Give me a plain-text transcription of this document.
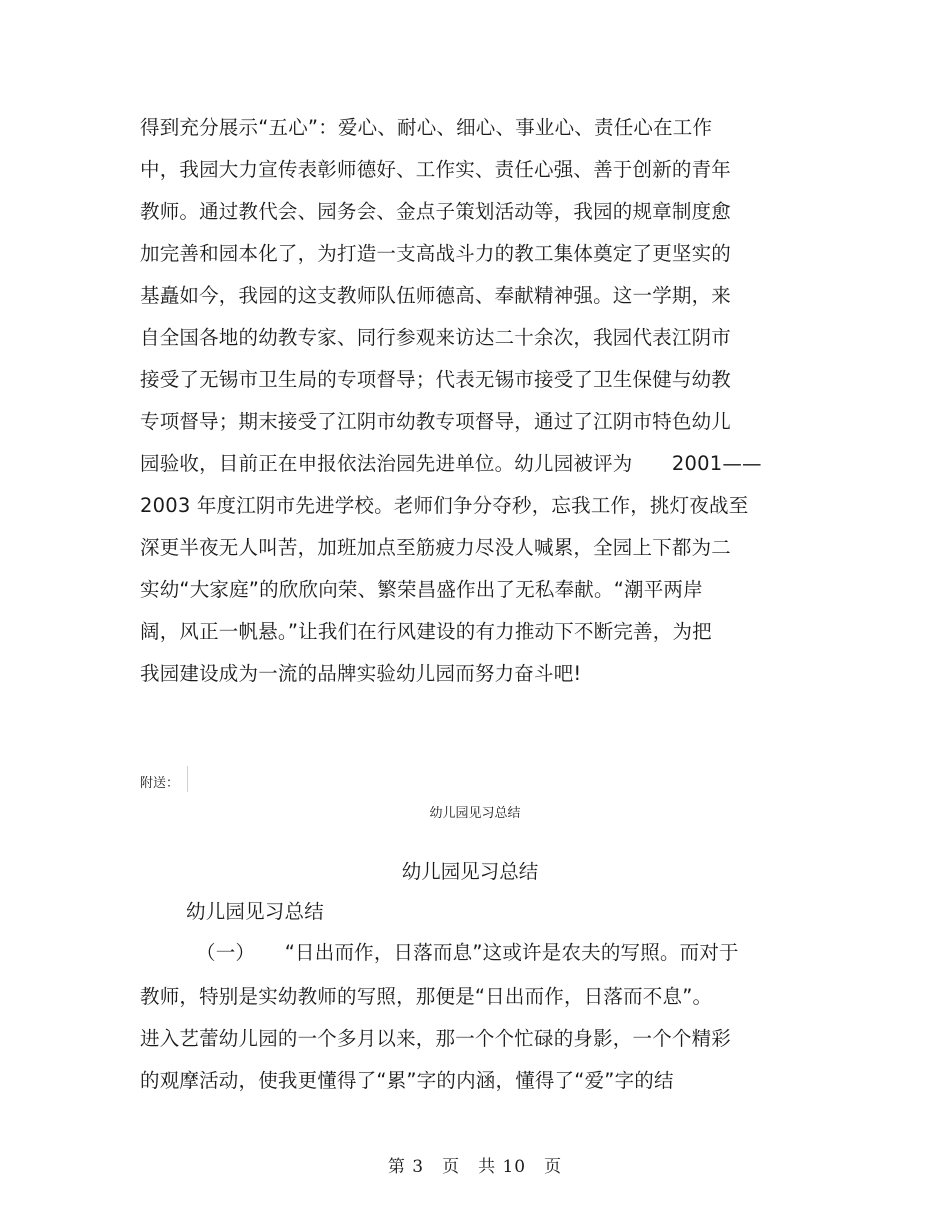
得到充分展示“五心”：爱心、耐心、细心、事业心、责任心在工作
中，我园大力宣传表彰师德好、工作实、责任心强、善于创新的青年
教师。通过教代会、园务会、金点子策划活动等，我园的规章制度愈
加完善和园本化了，为打造一支高战斗力的教工集体奠定了更坚实的
基矗如今，我园的这支教师队伍师德高、奉献精神强。这一学期，来
自全国各地的幼教专家、同行参观来访达二十余次，我园代表江阴市
接受了无锡市卫生局的专项督导；代表无锡市接受了卫生保健与幼教
专项督导；期末接受了江阴市幼教专项督导，通过了江阴市特色幼儿
园验收，目前正在申报依法治园先进单位。幼儿园被评为　　2001——
2003 年度江阴市先进学校。老师们争分夺秒，忘我工作，挑灯夜战至
深更半夜无人叫苦，加班加点至筋疲力尽没人喊累，全园上下都为二
实幼“大家庭”的欣欣向荣、繁荣昌盛作出了无私奉献。“潮平两岸
阔，风正一帆悬。”让我们在行风建设的有力推动下不断完善，为把
我园建设成为一流的品牌实验幼儿园而努力奋斗吧!
附送：
幼儿园见习总结
幼儿园见习总结
幼儿园见习总结
（一）　　“日出而作，日落而息”这或许是农夫的写照。而对于
教师，特别是实幼教师的写照，那便是“日出而作，日落而不息”。
进入艺蕾幼儿园的一个多月以来，那一个个忙碌的身影，一个个精彩
的观摩活动，使我更懂得了“累”字的内涵，懂得了“爱”字的结
第 3　页　共 10　页
